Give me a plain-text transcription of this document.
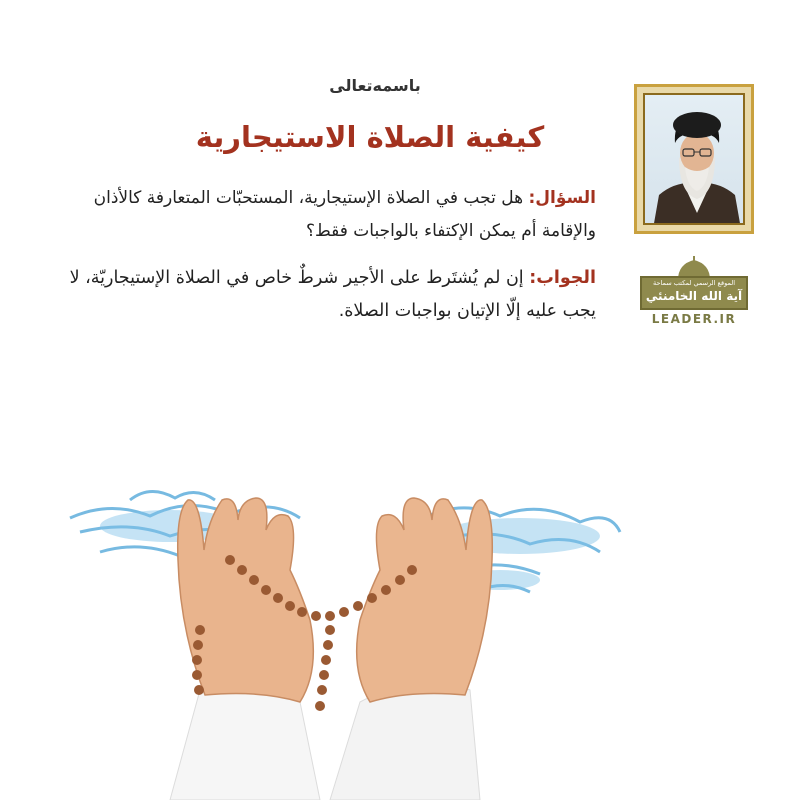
باسمه‌تعالی
کیفیة الصلاة الاستیجاریة
السؤال: هل تجب في الصلاة الإستيجارية، المستحبّات المتعارفة كالأذان والإقامة أم يمكن الإكتفاء بالواجبات فقط؟
الجواب: إن لم يُشتَرط على الأجير شرطٌ خاص في الصلاة الإستيجاريّة، لا يجب عليه إلّا الإتيان بواجبات الصلاة.
الموقع الرسمي لمكتب سماحة
آية الله الخامنئي
LEADER.IR
